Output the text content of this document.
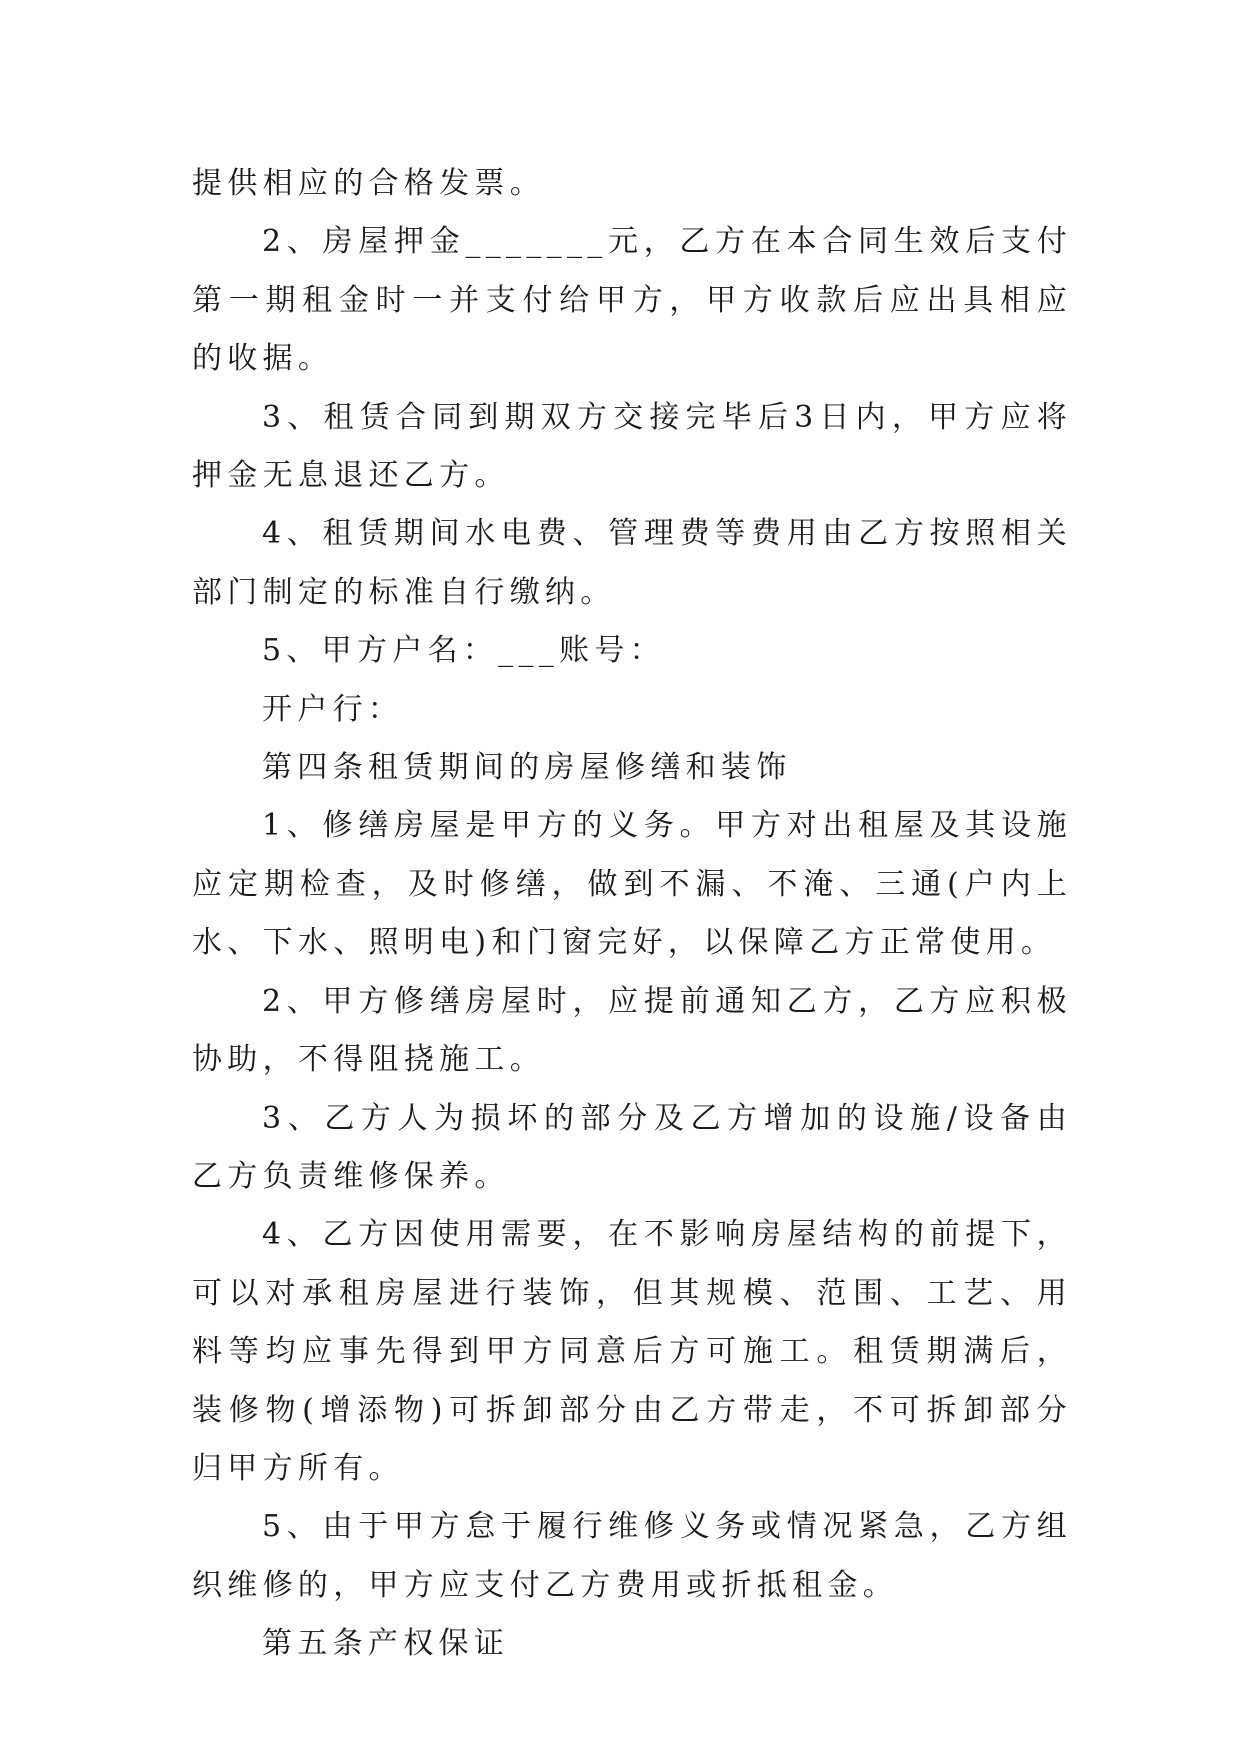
提供相应的合格发票。

2、房屋押金_______元，乙方在本合同生效后支付第一期租金时一并支付给甲方，甲方收款后应出具相应的收据。

3、租赁合同到期双方交接完毕后3日内，甲方应将押金无息退还乙方。

4、租赁期间水电费、管理费等费用由乙方按照相关部门制定的标准自行缴纳。

5、甲方户名：___账号：

开户行：

第四条租赁期间的房屋修缮和装饰

1、修缮房屋是甲方的义务。甲方对出租屋及其设施应定期检查，及时修缮，做到不漏、不淹、三通(户内上水、下水、照明电)和门窗完好，以保障乙方正常使用。

2、甲方修缮房屋时，应提前通知乙方，乙方应积极协助，不得阻挠施工。

3、乙方人为损坏的部分及乙方增加的设施/设备由乙方负责维修保养。

4、乙方因使用需要，在不影响房屋结构的前提下，可以对承租房屋进行装饰，但其规模、范围、工艺、用料等均应事先得到甲方同意后方可施工。租赁期满后，装修物(增添物)可拆卸部分由乙方带走，不可拆卸部分归甲方所有。

5、由于甲方怠于履行维修义务或情况紧急，乙方组织维修的，甲方应支付乙方费用或折抵租金。

第五条产权保证
